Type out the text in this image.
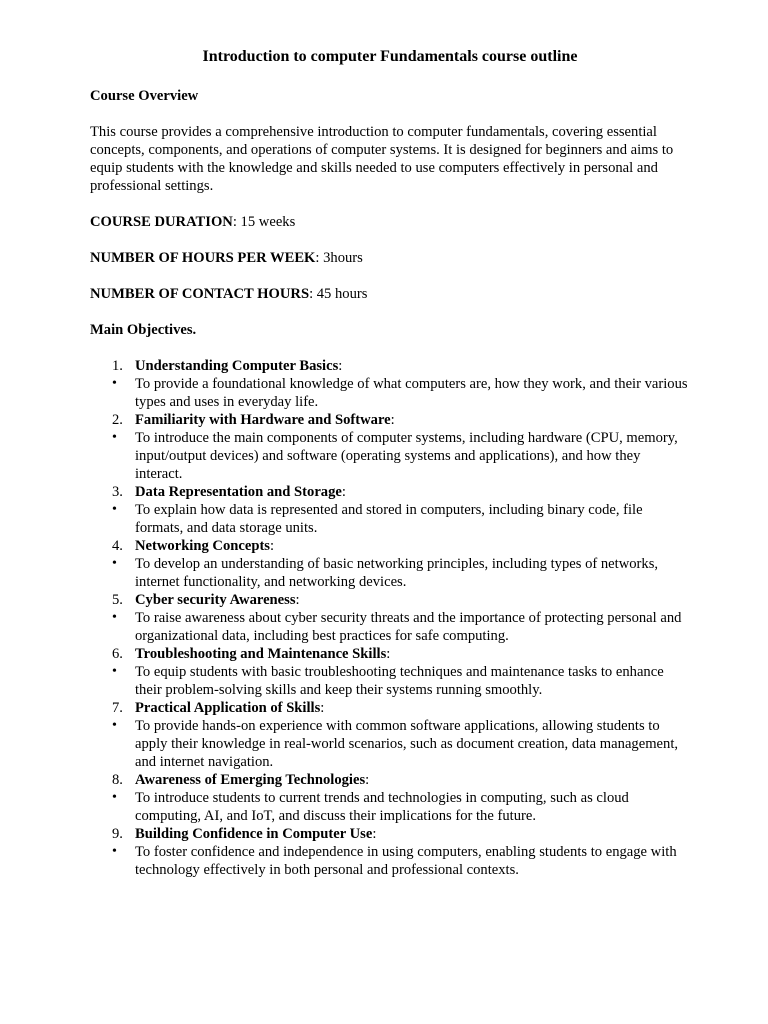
Introduction to computer Fundamentals course outline
Course Overview
This course provides a comprehensive introduction to computer fundamentals, covering essential concepts, components, and operations of computer systems. It is designed for beginners and aims to equip students with the knowledge and skills needed to use computers effectively in personal and professional settings.
COURSE DURATION: 15 weeks
NUMBER OF HOURS PER WEEK: 3hours
NUMBER OF CONTACT HOURS: 45 hours
Main Objectives.
1. Understanding Computer Basics:
• To provide a foundational knowledge of what computers are, how they work, and their various types and uses in everyday life.
2. Familiarity with Hardware and Software:
• To introduce the main components of computer systems, including hardware (CPU, memory, input/output devices) and software (operating systems and applications), and how they interact.
3. Data Representation and Storage:
• To explain how data is represented and stored in computers, including binary code, file formats, and data storage units.
4. Networking Concepts:
• To develop an understanding of basic networking principles, including types of networks, internet functionality, and networking devices.
5. Cyber security Awareness:
• To raise awareness about cyber security threats and the importance of protecting personal and organizational data, including best practices for safe computing.
6. Troubleshooting and Maintenance Skills:
• To equip students with basic troubleshooting techniques and maintenance tasks to enhance their problem-solving skills and keep their systems running smoothly.
7. Practical Application of Skills:
• To provide hands-on experience with common software applications, allowing students to apply their knowledge in real-world scenarios, such as document creation, data management, and internet navigation.
8. Awareness of Emerging Technologies:
• To introduce students to current trends and technologies in computing, such as cloud computing, AI, and IoT, and discuss their implications for the future.
9. Building Confidence in Computer Use:
• To foster confidence and independence in using computers, enabling students to engage with technology effectively in both personal and professional contexts.
